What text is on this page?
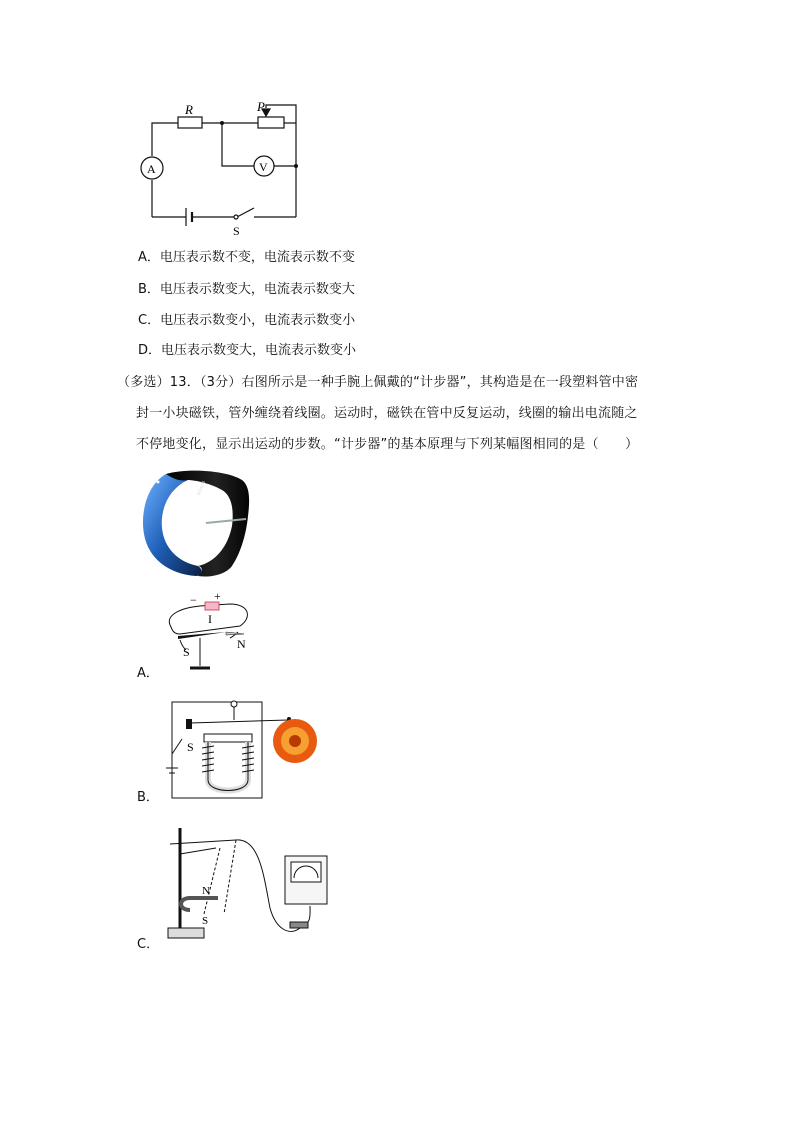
R	P
A	V
S
A．电压表示数不变，电流表示数不变
B．电压表示数变大，电流表示数变大
C．电压表示数变小，电流表示数变小
D．电压表示数变大，电流表示数变小
（多选）13．（3分）右图所示是一种手腕上佩戴的“计步器”，其构造是在一段塑料管中密
封一小块磁铁，管外缠绕着线圈。运动时，磁铁在管中反复运动，线圈的输出电流随之
不停地变化，显示出运动的步数。“计步器”的基本原理与下列某幅图相同的是（　　）
Watch
− +
I
S
N
A．
S
B．
N
S
C．
